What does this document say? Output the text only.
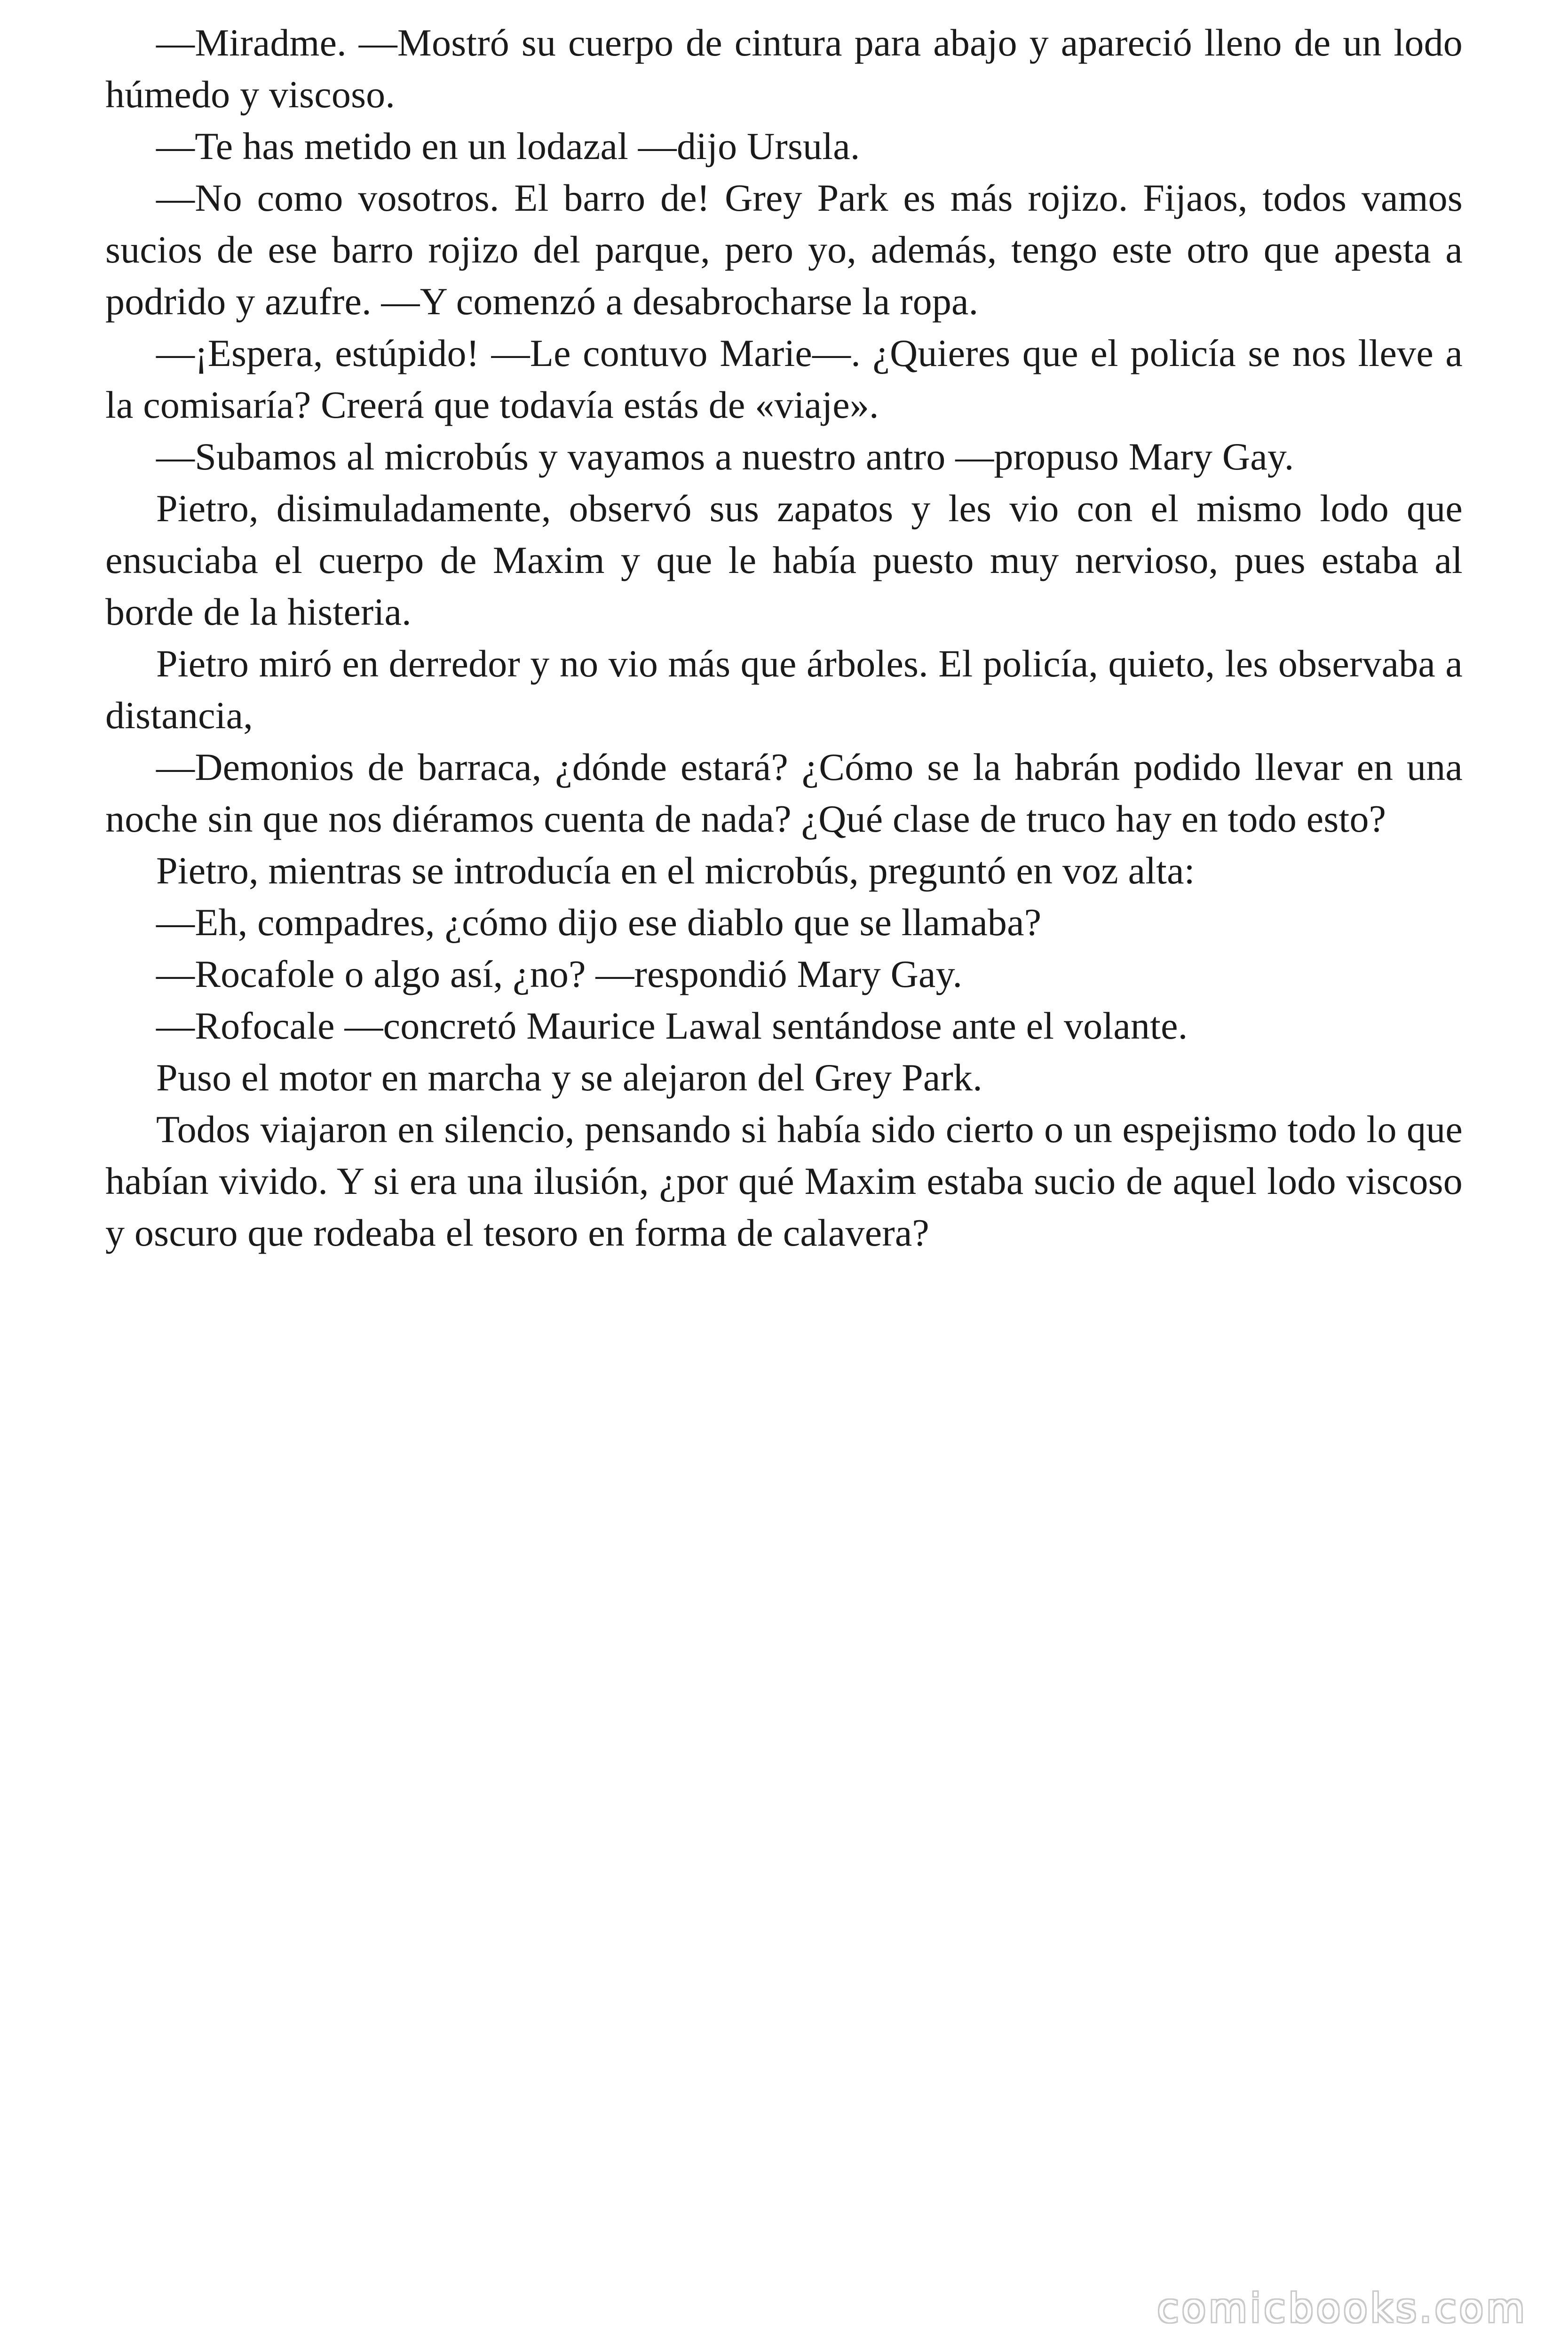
—Miradme. —Mostró su cuerpo de cintura para abajo y apareció lleno de un lodo húmedo y viscoso.

—Te has metido en un lodazal —dijo Ursula.

—No como vosotros. El barro de! Grey Park es más rojizo. Fijaos, todos vamos sucios de ese barro rojizo del parque, pero yo, además, tengo este otro que apesta a podrido y azufre. —Y comenzó a desabrocharse la ropa.

—¡Espera, estúpido! —Le contuvo Marie—. ¿Quieres que el policía se nos lleve a la comisaría? Creerá que todavía estás de «viaje».

—Subamos al microbús y vayamos a nuestro antro —propuso Mary Gay.

Pietro, disimuladamente, observó sus zapatos y les vio con el mismo lodo que ensuciaba el cuerpo de Maxim y que le había puesto muy nervioso, pues estaba al borde de la histeria.

Pietro miró en derredor y no vio más que árboles. El policía, quieto, les observaba a distancia,

—Demonios de barraca, ¿dónde estará? ¿Cómo se la habrán podido llevar en una noche sin que nos diéramos cuenta de nada? ¿Qué clase de truco hay en todo esto?

Pietro, mientras se introducía en el microbús, preguntó en voz alta:

—Eh, compadres, ¿cómo dijo ese diablo que se llamaba?

—Rocafole o algo así, ¿no? —respondió Mary Gay.

—Rofocale —concretó Maurice Lawal sentándose ante el volante.

Puso el motor en marcha y se alejaron del Grey Park.

Todos viajaron en silencio, pensando si había sido cierto o un espejismo todo lo que habían vivido. Y si era una ilusión, ¿por qué Maxim estaba sucio de aquel lodo viscoso y oscuro que rodeaba el tesoro en forma de calavera?

comicbooks.com
